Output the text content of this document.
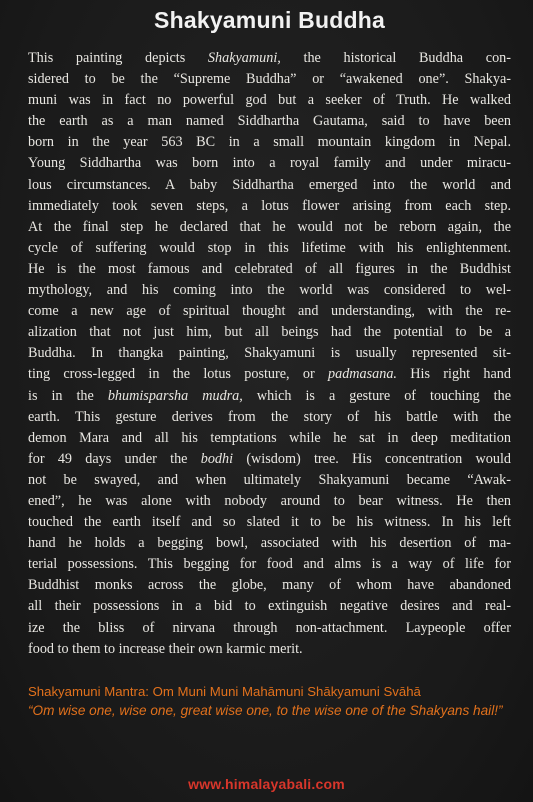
Shakyamuni Buddha
This painting depicts Shakyamuni, the historical Buddha con-
sidered to be the “Supreme Buddha” or “awakened one”. Shakya-
muni was in fact no powerful god but a seeker of Truth. He walked
the earth as a man named Siddhartha Gautama, said to have been
born in the year 563 BC in a small mountain kingdom in Nepal.
Young Siddhartha was born into a royal family and under miracu-
lous circumstances. A baby Siddhartha emerged into the world and
immediately took seven steps, a lotus flower arising from each step.
At the final step he declared that he would not be reborn again, the
cycle of suffering would stop in this lifetime with his enlightenment.
He is the most famous and celebrated of all figures in the Buddhist
mythology, and his coming into the world was considered to wel-
come a new age of spiritual thought and understanding, with the re-
alization that not just him, but all beings had the potential to be a
Buddha. In thangka painting, Shakyamuni is usually represented sit-
ting cross-legged in the lotus posture, or padmasana. His right hand
is in the bhumisparsha mudra, which is a gesture of touching the
earth. This gesture derives from the story of his battle with the
demon Mara and all his temptations while he sat in deep meditation
for 49 days under the bodhi (wisdom) tree. His concentration would
not be swayed, and when ultimately Shakyamuni became “Awak-
ened”, he was alone with nobody around to bear witness. He then
touched the earth itself and so slated it to be his witness. In his left
hand he holds a begging bowl, associated with his desertion of ma-
terial possessions. This begging for food and alms is a way of life for
Buddhist monks across the globe, many of whom have abandoned
all their possessions in a bid to extinguish negative desires and real-
ize the bliss of nirvana through non-attachment. Laypeople offer
food to them to increase their own karmic merit.
Shakyamuni Mantra: Om Muni Muni Mahāmuni Shākyamuni Svāhā
“Om wise one, wise one, great wise one, to the wise one of the Shakyans hail!”
www.himalayabali.com
